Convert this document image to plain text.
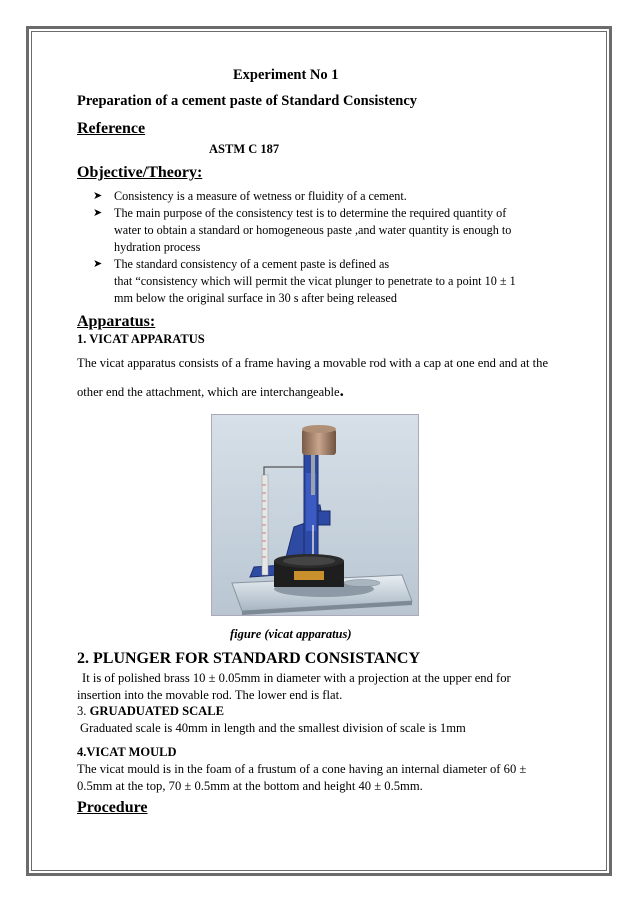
Experiment No 1
Preparation of a cement paste of Standard Consistency
Reference
ASTM C 187
Objective/Theory:
➤ Consistency is a measure of wetness or fluidity of a cement.
➤ The main purpose of the consistency test is to determine the required quantity of
water to obtain a standard or homogeneous paste ,and water quantity is enough to
hydration process
➤ The standard consistency of a cement paste is defined as
that “consistency which will permit the vicat plunger to penetrate to a point 10 ± 1
mm below the original surface in 30 s after being released
Apparatus:
1. VICAT APPARATUS
The vicat apparatus consists of a frame having a movable rod with a cap at one end and at the
other end the attachment, which are interchangeable.
figure (vicat apparatus)
2. PLUNGER FOR STANDARD CONSISTANCY
It is of polished brass 10 ± 0.05mm in diameter with a projection at the upper end for
insertion into the movable rod. The lower end is flat.
3. GRUADUATED SCALE
Graduated scale is 40mm in length and the smallest division of scale is 1mm
4.VICAT MOULD
The vicat mould is in the foam of a frustum of a cone having an internal diameter of 60 ±
0.5mm at the top, 70 ± 0.5mm at the bottom and height 40 ± 0.5mm.
Procedure
